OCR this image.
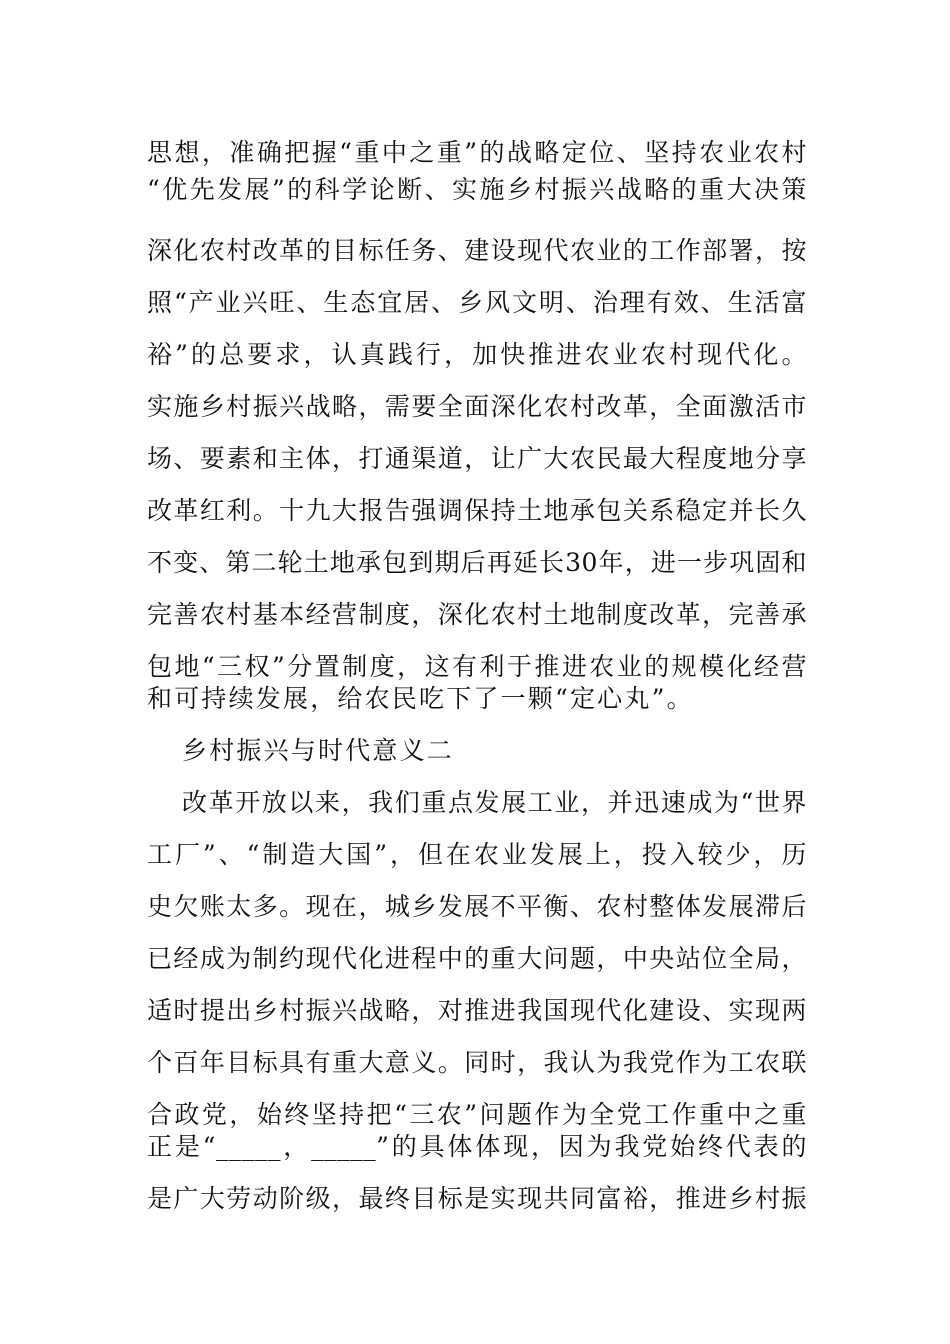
思想，准确把握“重中之重”的战略定位、坚持农业农村
“优先发展”的科学论断、实施乡村振兴战略的重大决策
深化农村改革的目标任务、建设现代农业的工作部署，按
照“产业兴旺、生态宜居、乡风文明、治理有效、生活富
裕”的总要求，认真践行，加快推进农业农村现代化。
实施乡村振兴战略，需要全面深化农村改革，全面激活市
场、要素和主体，打通渠道，让广大农民最大程度地分享
改革红利。十九大报告强调保持土地承包关系稳定并长久
不变、第二轮土地承包到期后再延长30年，进一步巩固和
完善农村基本经营制度，深化农村土地制度改革，完善承
包地“三权”分置制度，这有利于推进农业的规模化经营
和可持续发展，给农民吃下了一颗“定心丸”。
乡村振兴与时代意义二
改革开放以来，我们重点发展工业，并迅速成为“世界
工厂”、“制造大国”，但在农业发展上，投入较少，历
史欠账太多。现在，城乡发展不平衡、农村整体发展滞后
已经成为制约现代化进程中的重大问题，中央站位全局，
适时提出乡村振兴战略，对推进我国现代化建设、实现两
个百年目标具有重大意义。同时，我认为我党作为工农联
合政党，始终坚持把“三农”问题作为全党工作重中之重
正是“_____，_____”的具体体现，因为我党始终代表的
是广大劳动阶级，最终目标是实现共同富裕，推进乡村振
